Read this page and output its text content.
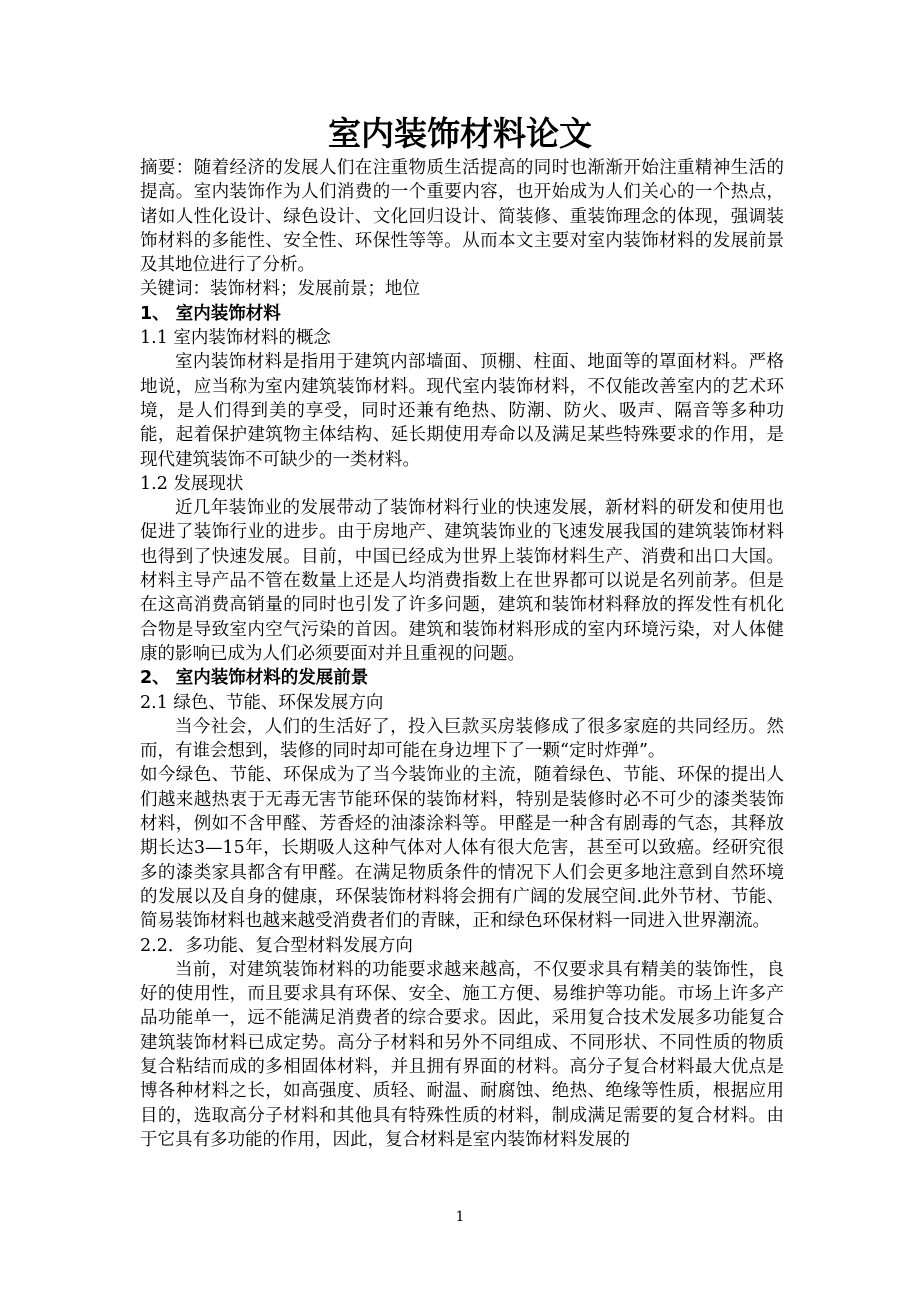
室内装饰材料论文

摘要：随着经济的发展人们在注重物质生活提高的同时也渐渐开始注重精神生活的提高。室内装饰作为人们消费的一个重要内容，也开始成为人们关心的一个热点，诸如人性化设计、绿色设计、文化回归设计、简装修、重装饰理念的体现，强调装饰材料的多能性、安全性、环保性等等。从而本文主要对室内装饰材料的发展前景及其地位进行了分析。

关键词：装饰材料；发展前景；地位

1、 室内装饰材料
1.1 室内装饰材料的概念

室内装饰材料是指用于建筑内部墙面、顶棚、柱面、地面等的罩面材料。严格地说，应当称为室内建筑装饰材料。现代室内装饰材料，不仅能改善室内的艺术环境，是人们得到美的享受，同时还兼有绝热、防潮、防火、吸声、隔音等多种功能，起着保护建筑物主体结构、延长期使用寿命以及满足某些特殊要求的作用，是现代建筑装饰不可缺少的一类材料。

1.2 发展现状

近几年装饰业的发展带动了装饰材料行业的快速发展，新材料的研发和使用也促进了装饰行业的进步。由于房地产、建筑装饰业的飞速发展我国的建筑装饰材料也得到了快速发展。目前，中国已经成为世界上装饰材料生产、消费和出口大国。材料主导产品不管在数量上还是人均消费指数上在世界都可以说是名列前茅。但是在这高消费高销量的同时也引发了许多问题，建筑和装饰材料释放的挥发性有机化合物是导致室内空气污染的首因。建筑和装饰材料形成的室内环境污染，对人体健康的影响已成为人们必须要面对并且重视的问题。

2、 室内装饰材料的发展前景
2.1 绿色、节能、环保发展方向

当今社会，人们的生活好了，投入巨款买房装修成了很多家庭的共同经历。然而，有谁会想到，装修的同时却可能在身边埋下了一颗“定时炸弹”。

如今绿色、节能、环保成为了当今装饰业的主流，随着绿色、节能、环保的提出人们越来越热衷于无毒无害节能环保的装饰材料，特别是装修时必不可少的漆类装饰材料，例如不含甲醛、芳香烃的油漆涂料等。甲醛是一种含有剧毒的气态，其释放期长达3—15年，长期吸人这种气体对人体有很大危害，甚至可以致癌。经研究很多的漆类家具都含有甲醛。在满足物质条件的情况下人们会更多地注意到自然环境的发展以及自身的健康，环保装饰材料将会拥有广阔的发展空间.此外节材、节能、简易装饰材料也越来越受消费者们的青睐，正和绿色环保材料一同进入世界潮流。

2.2．多功能、复合型材料发展方向

当前，对建筑装饰材料的功能要求越来越高，不仅要求具有精美的装饰性，良好的使用性，而且要求具有环保、安全、施工方便、易维护等功能。市场上许多产品功能单一，远不能满足消费者的综合要求。因此，采用复合技术发展多功能复合建筑装饰材料已成定势。高分子材料和另外不同组成、不同形状、不同性质的物质复合粘结而成的多相固体材料，并且拥有界面的材料。高分子复合材料最大优点是博各种材料之长，如高强度、质轻、耐温、耐腐蚀、绝热、绝缘等性质，根据应用目的，选取高分子材料和其他具有特殊性质的材料，制成满足需要的复合材料。由于它具有多功能的作用，因此，复合材料是室内装饰材料发展的

1
